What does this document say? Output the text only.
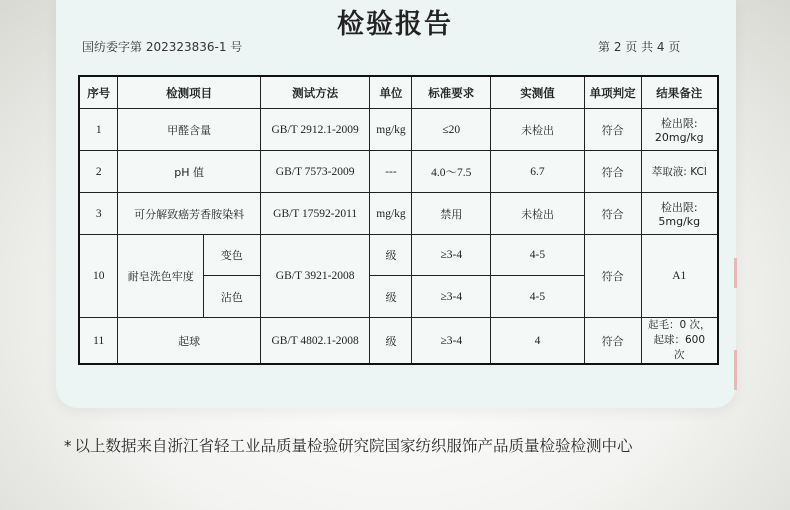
检验报告
国纺委字第 202323836-1 号	第 2 页 共 4 页
序号	检测项目		测试方法	单位	标准要求	实测值	单项判定	结果备注
1	甲醛含量		GB/T 2912.1-2009	mg/kg	≤20	未检出	符合	检出限:
20mg/kg

2	pH 值		GB/T 7573-2009	---	4.0～7.5	6.7	符合	萃取液: KCl
3	可分解致癌芳香胺染料		GB/T 17592-2011	mg/kg	禁用	未检出	符合	检出限:
5mg/kg

10	耐皂洗色牢度	变色	GB/T 3921-2008	级	≥3-4	4-5	符合	A1
		沾色		级	≥3-4	4-5		
11	起球		GB/T 4802.1-2008	级	≥3-4	4	符合	起毛：0 次，
起球：600
次
* 以上数据来自浙江省轻工业品质量检验研究院国家纺织服饰产品质量检验检测中心
